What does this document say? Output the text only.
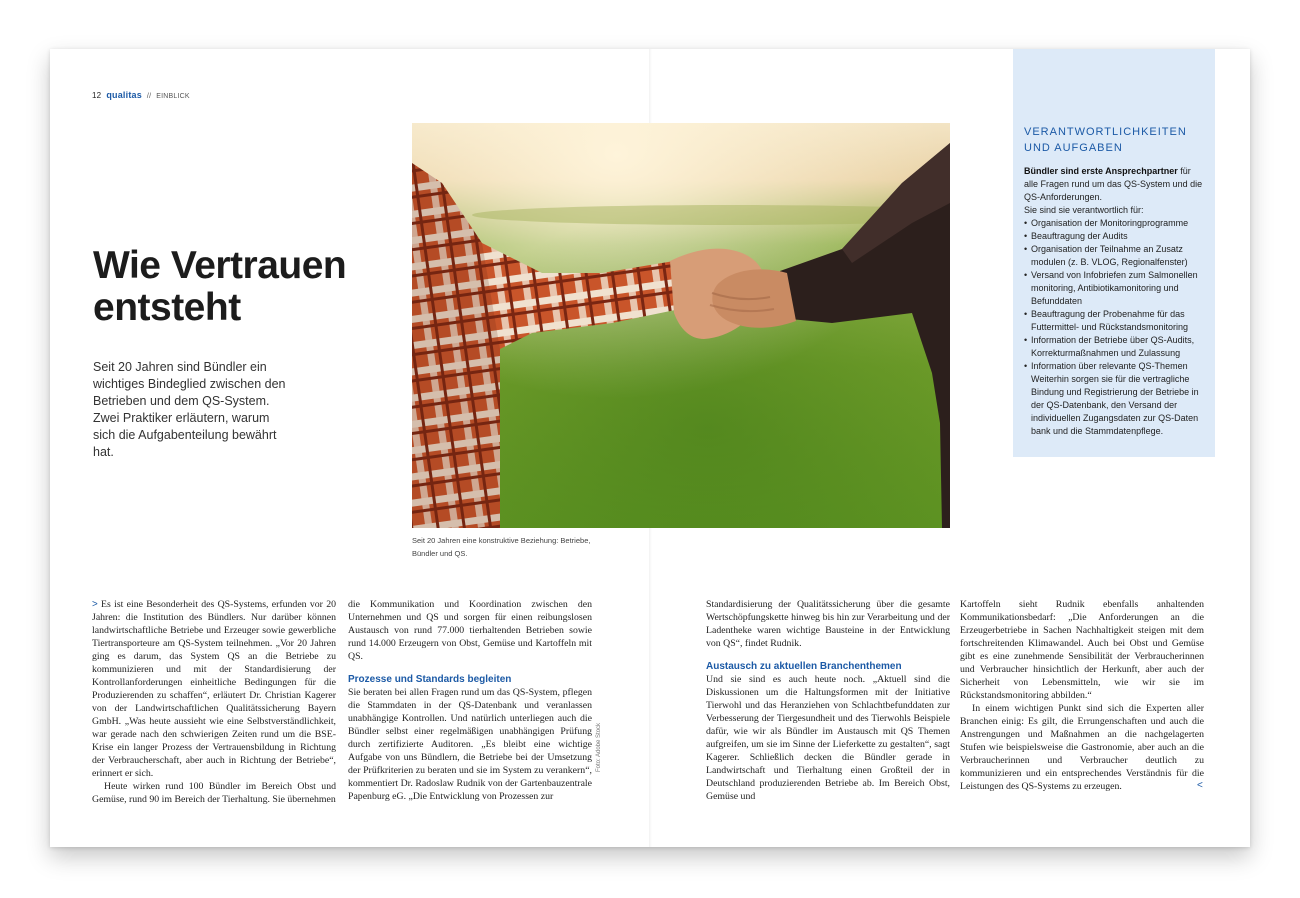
12 qualitas // EINBLICK
Wie Vertrauen entsteht

Seit 20 Jahren sind Bündler ein wichtiges Bindeglied zwischen den Betrieben und dem QS-System. Zwei Praktiker erläutern, warum sich die Aufgabenteilung bewährt hat.

Seit 20 Jahren eine konstruktive Beziehung: Betriebe, Bündler und QS.

Foto: Adobe Stock
VERANTWORTLICHKEITEN UND AUFGABEN

Bündler sind erste Ansprechpartner für alle Fragen rund um das QS-System und die QS-Anforderungen.

Sie sind sie verantwortlich für:

• Organisation der Monitoringprogramme
• Beauftragung der Audits
• Organisation der Teilnahme an Zusatz modulen (z. B. VLOG, Regionalfenster)
• Versand von Infobriefen zum Salmonellen monitoring, Antibiotikamonitoring und Befunddaten
• Beauftragung der Probenahme für das Futtermittel- und Rückstandsmonitoring
• Information der Betriebe über QS-Audits, Korrekturmaßnahmen und Zulassung
• Information über relevante QS-Themen Weiterhin sorgen sie für die vertragliche Bindung und Registrierung der Betriebe in der QS-Datenbank, den Versand der individuellen Zugangsdaten zur QS-Daten bank und die Stammdatenpflege.

> Es ist eine Besonderheit des QS-Systems, erfunden vor 20 Jahren: die Institution des Bündlers. Nur darüber können landwirtschaftliche Betriebe und Erzeuger sowie gewerbliche Tiertransporteure am QS-System teilnehmen. „Vor 20 Jahren ging es darum, das System QS an die Betriebe zu kommunizieren und mit der Standardisierung der Kontrollanforderungen einheitliche Bedingungen für die Produzierenden zu schaffen“, erläutert Dr. Christian Kagerer von der Landwirtschaftlichen Qualitätssicherung Bayern GmbH. „Was heute aussieht wie eine Selbstverständlichkeit, war gerade nach den schwierigen Zeiten rund um die BSE-Krise ein langer Prozess der Vertrauensbildung in Richtung der Verbraucherschaft, aber auch in Richtung der Betriebe“, erinnert er sich.

Heute wirken rund 100 Bündler im Bereich Obst und Gemüse, rund 90 im Bereich der Tierhaltung. Sie übernehmen

die Kommunikation und Koordination zwischen den Unternehmen und QS und sorgen für einen reibungslosen Austausch von rund 77.000 tierhaltenden Betrieben sowie rund 14.000 Erzeugern von Obst, Gemüse und Kartoffeln mit QS.

Prozesse und Standards begleiten

Sie beraten bei allen Fragen rund um das QS-System, pflegen die Stammdaten in der QS-Datenbank und veranlassen unabhängige Kontrollen. Und natürlich unterliegen auch die Bündler selbst einer regelmäßigen unabhängigen Prüfung durch zertifizierte Auditoren. „Es bleibt eine wichtige Aufgabe von uns Bündlern, die Betriebe bei der Umsetzung der Prüfkriterien zu beraten und sie im System zu verankern“, kommentiert Dr. Radoslaw Rudnik von der Gartenbauzentrale Papenburg eG. „Die Entwicklung von Prozessen zur

Standardisierung der Qualitätssicherung über die gesamte Wertschöpfungskette hinweg bis hin zur Verarbeitung und der Ladentheke waren wichtige Bausteine in der Entwicklung von QS“, findet Rudnik.

Austausch zu aktuellen Branchenthemen

Und sie sind es auch heute noch. „Aktuell sind die Diskussionen um die Haltungsformen mit der Initiative Tierwohl und das Heranziehen von Schlachtbefunddaten zur Verbesserung der Tiergesundheit und des Tierwohls Beispiele dafür, wie wir als Bündler im Austausch mit QS Themen aufgreifen, um sie im Sinne der Lieferkette zu gestalten“, sagt Kagerer. Schließlich decken die Bündler gerade in Landwirtschaft und Tierhaltung einen Großteil der in Deutschland produzierenden Betriebe ab. Im Bereich Obst, Gemüse und

Kartoffeln sieht Rudnik ebenfalls anhaltenden Kommunikationsbedarf: „Die Anforderungen an die Erzeugerbetriebe in Sachen Nachhaltigkeit steigen mit dem fortschreitenden Klimawandel. Auch bei Obst und Gemüse gibt es eine zunehmende Sensibilität der Verbraucherinnen und Verbraucher hinsichtlich der Herkunft, aber auch der Sicherheit von Lebensmitteln, wie wir sie im Rückstandsmonitoring abbilden.“

In einem wichtigen Punkt sind sich die Experten aller Branchen einig: Es gilt, die Errungenschaften und auch die Anstrengungen und Maßnahmen an die nachgelagerten Stufen wie beispielsweise die Gastronomie, aber auch an die Verbraucherinnen und Verbraucher deutlich zu kommunizieren und ein entsprechendes Verständnis für die Leistungen des QS-Systems zu erzeugen.	<
